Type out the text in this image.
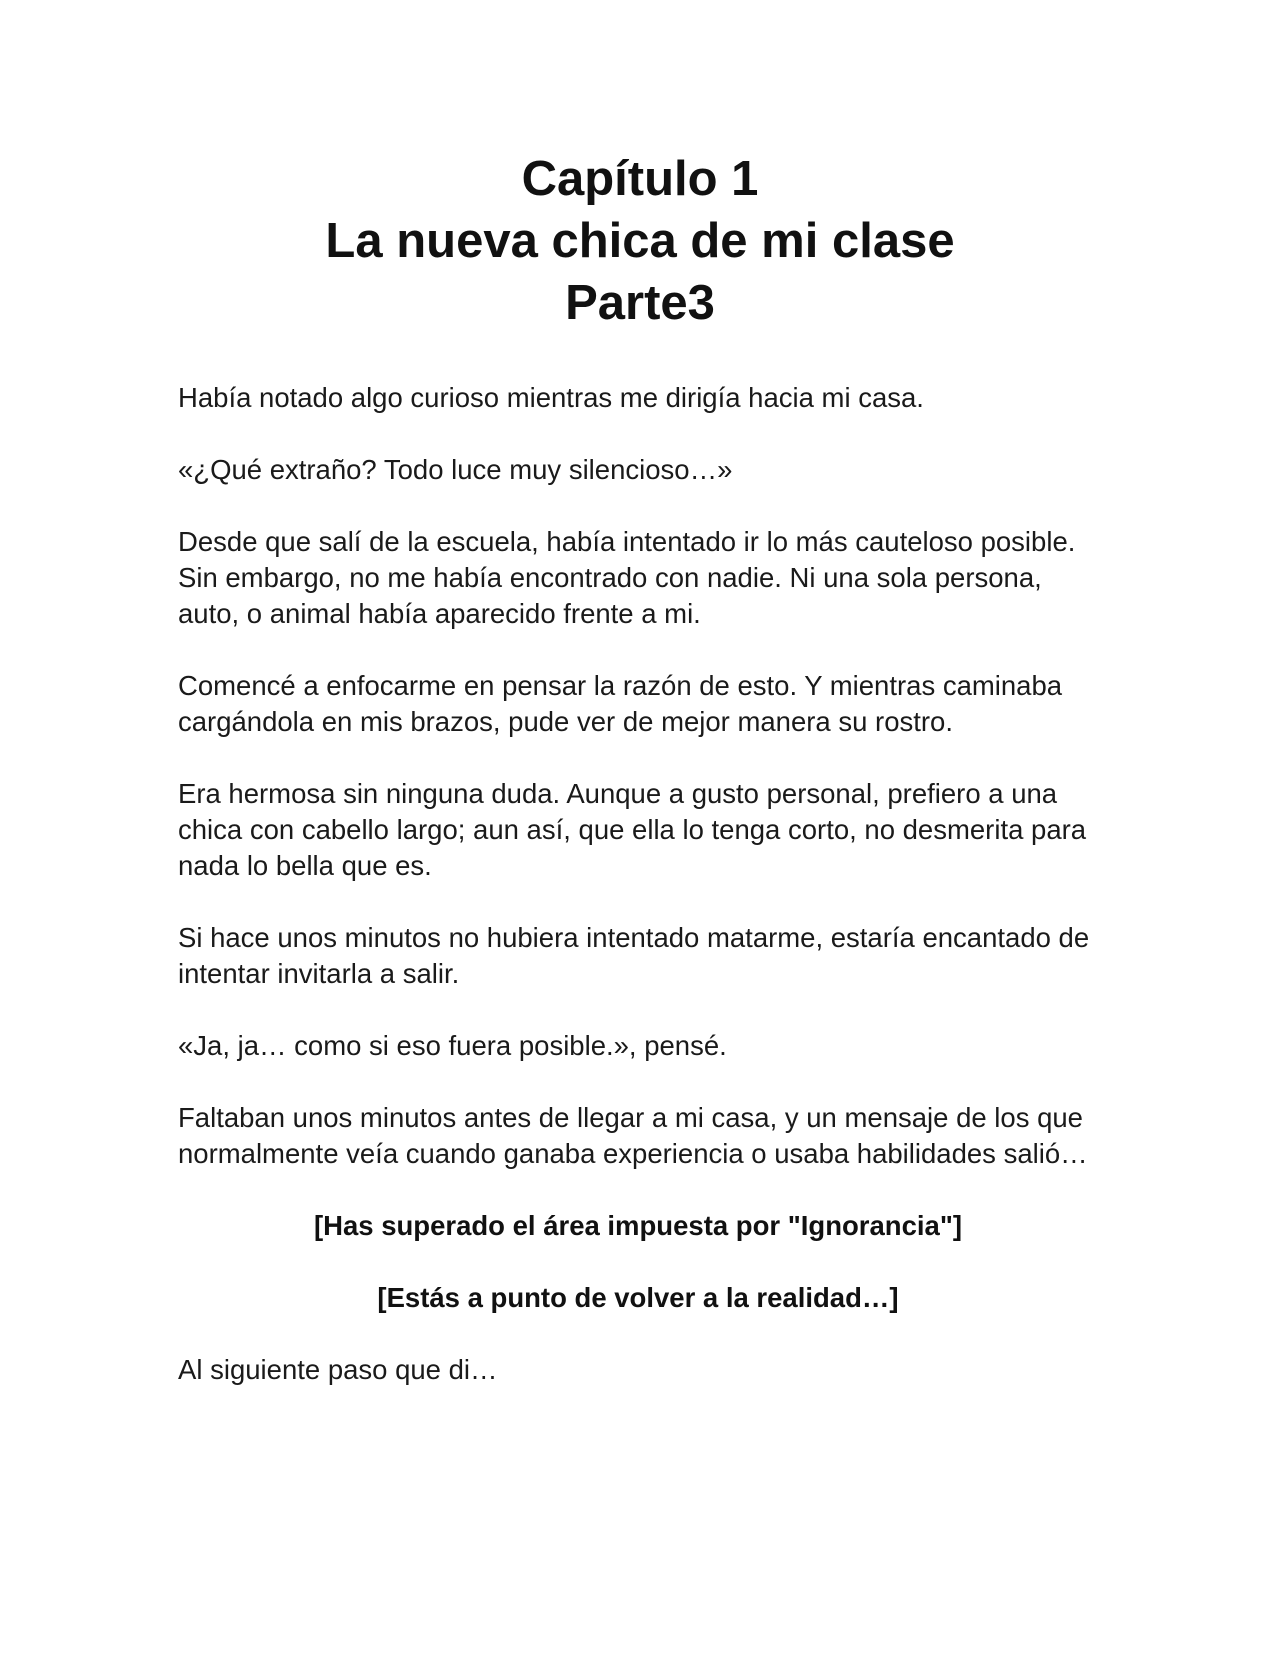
Capítulo 1
La nueva chica de mi clase
Parte3

Había notado algo curioso mientras me dirigía hacia mi casa.

«¿Qué extraño? Todo luce muy silencioso…»

Desde que salí de la escuela, había intentado ir lo más cauteloso posible. Sin embargo, no me había encontrado con nadie. Ni una sola persona, auto, o animal había aparecido frente a mi.

Comencé a enfocarme en pensar la razón de esto. Y mientras caminaba cargándola en mis brazos, pude ver de mejor manera su rostro.

Era hermosa sin ninguna duda. Aunque a gusto personal, prefiero a una chica con cabello largo; aun así, que ella lo tenga corto, no desmerita para nada lo bella que es.

Si hace unos minutos no hubiera intentado matarme, estaría encantado de intentar invitarla a salir.

«Ja, ja… como si eso fuera posible.», pensé.

Faltaban unos minutos antes de llegar a mi casa, y un mensaje de los que normalmente veía cuando ganaba experiencia o usaba habilidades salió…

[Has superado el área impuesta por "Ignorancia"]

[Estás a punto de volver a la realidad…]

Al siguiente paso que di…
